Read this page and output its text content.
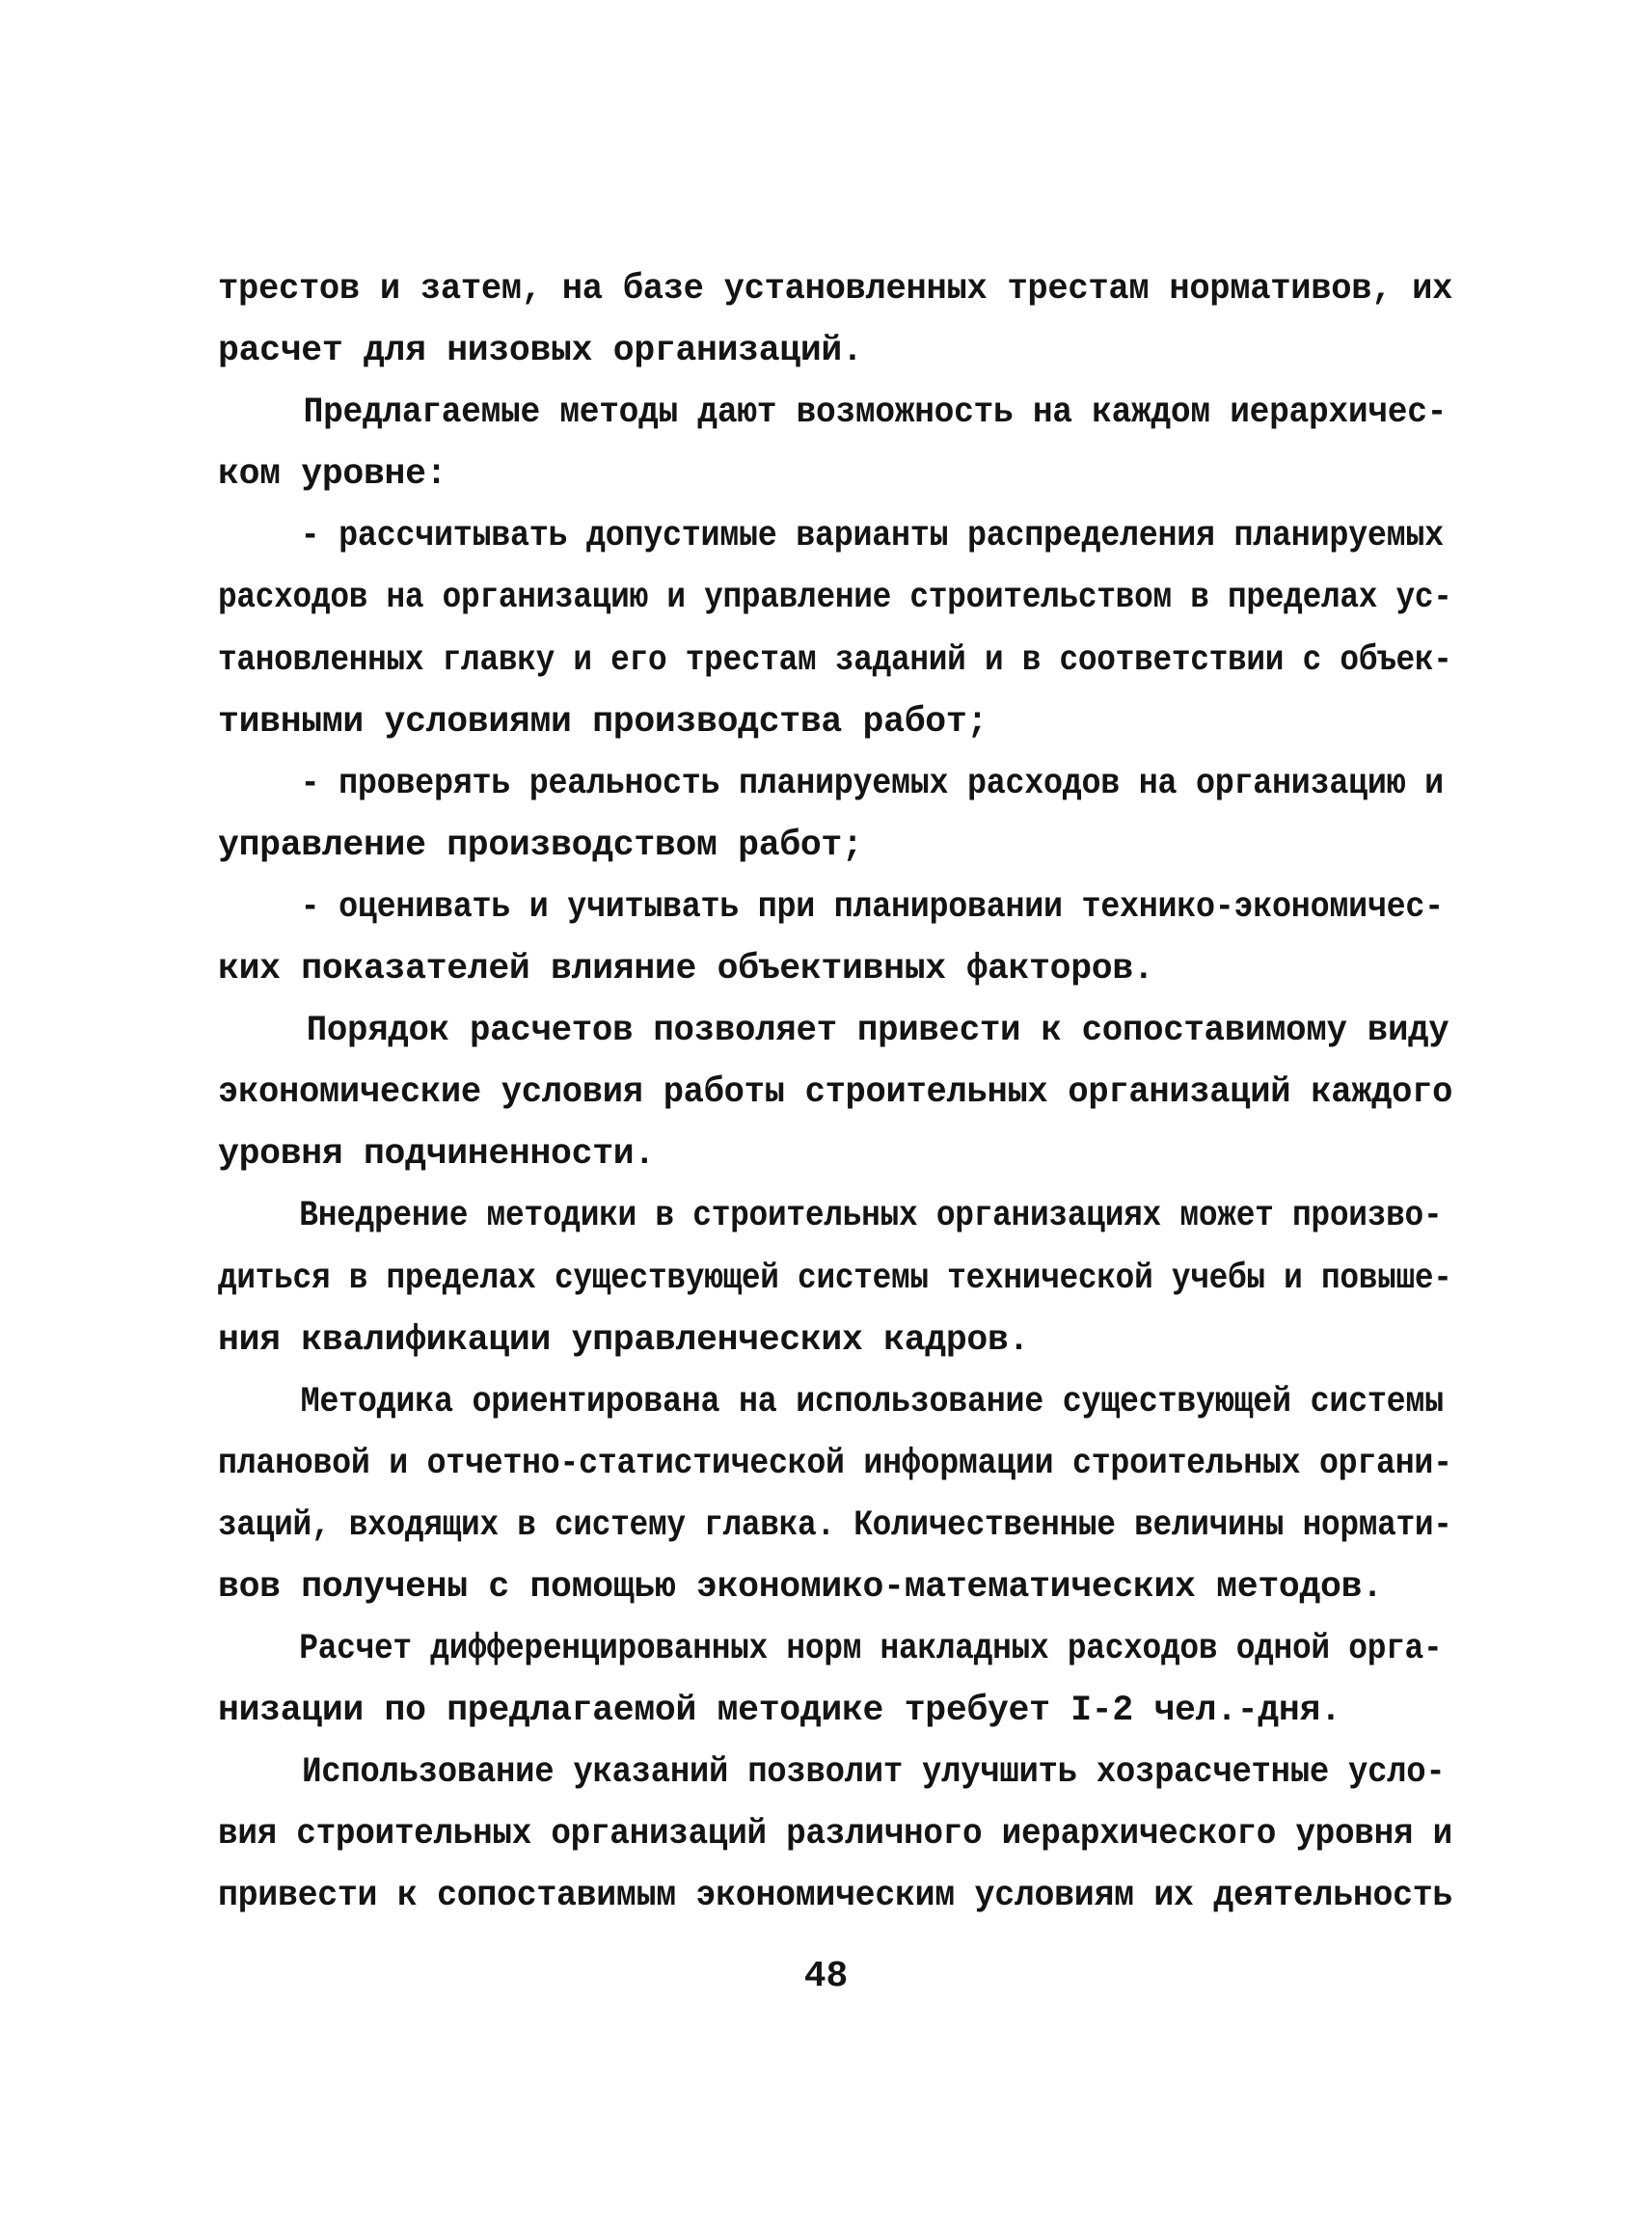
трестов и затем, на базе установленных трестам нормативов, их
расчет для низовых организаций.
Предлагаемые методы дают возможность на каждом иерархичес-
ком уровне:
- рассчитывать допустимые варианты распределения планируемых
расходов на организацию и управление строительством в пределах ус-
тановленных главку и его трестам заданий и в соответствии с объек-
тивными условиями производства работ;
- проверять реальность планируемых расходов на организацию и
управление производством работ;
- оценивать и учитывать при планировании технико-экономичес-
ких показателей влияние объективных факторов.
Порядок расчетов позволяет привести к сопоставимому виду
экономические условия работы строительных организаций каждого
уровня подчиненности.
Внедрение методики в строительных организациях может произво-
диться в пределах существующей системы технической учебы и повыше-
ния квалификации управленческих кадров.
Методика ориентирована на использование существующей системы
плановой и отчетно-статистической информации строительных органи-
заций, входящих в систему главка. Количественные величины нормати-
вов получены с помощью экономико-математических методов.
Расчет дифференцированных норм накладных расходов одной орга-
низации по предлагаемой методике требует I-2 чел.-дня.
Использование указаний позволит улучшить хозрасчетные усло-
вия строительных организаций различного иерархического уровня и
привести к сопоставимым экономическим условиям их деятельность
48
